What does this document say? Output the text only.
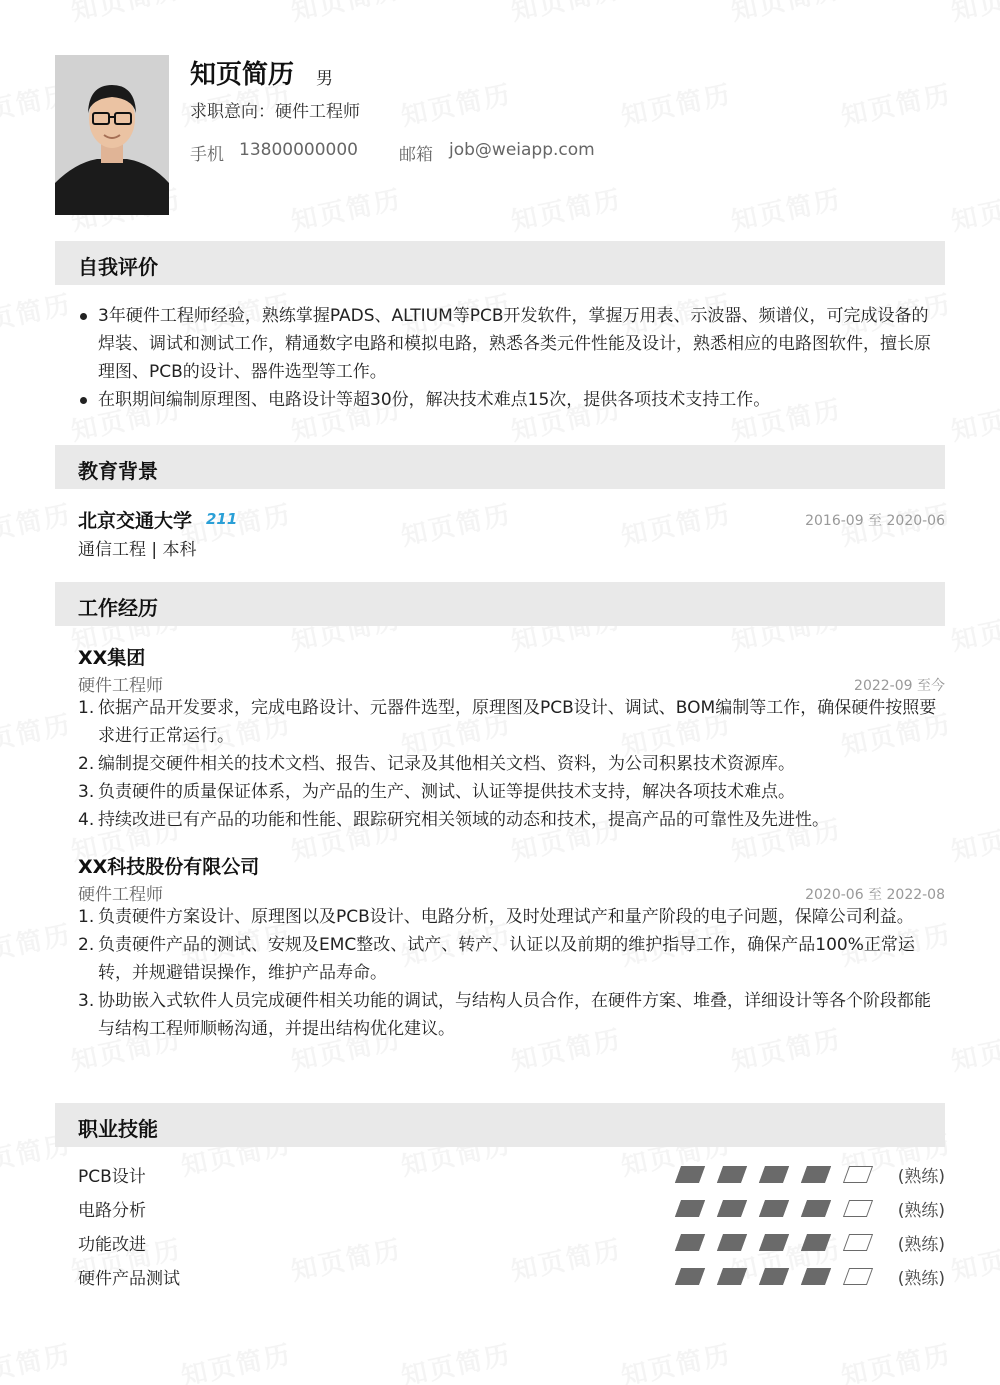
知页简历 男
求职意向：硬件工程师
手机 13800000000 邮箱 job@weiapp.com
自我评价
3年硬件工程师经验，熟练掌握PADS、ALTIUM等PCB开发软件，掌握万用表、示波器、频谱仪，可完成设备的焊装、调试和测试工作，精通数字电路和模拟电路，熟悉各类元件性能及设计，熟悉相应的电路图软件，擅长原理图、PCB的设计、器件选型等工作。
在职期间编制原理图、电路设计等超30份，解决技术难点15次，提供各项技术支持工作。
教育背景
北京交通大学 211	2016-09 至 2020-06
通信工程 | 本科
工作经历
XX集团
硬件工程师	2022-09 至今
1. 依据产品开发要求，完成电路设计、元器件选型，原理图及PCB设计、调试、BOM编制等工作，确保硬件按照要求进行正常运行。
2. 编制提交硬件相关的技术文档、报告、记录及其他相关文档、资料，为公司积累技术资源库。
3. 负责硬件的质量保证体系，为产品的生产、测试、认证等提供技术支持，解决各项技术难点。
4. 持续改进已有产品的功能和性能、跟踪研究相关领域的动态和技术，提高产品的可靠性及先进性。
XX科技股份有限公司
硬件工程师	2020-06 至 2022-08
1. 负责硬件方案设计、原理图以及PCB设计、电路分析，及时处理试产和量产阶段的电子问题，保障公司利益。
2. 负责硬件产品的测试、安规及EMC整改、试产、转产、认证以及前期的维护指导工作，确保产品100%正常运转，并规避错误操作，维护产品寿命。
3. 协助嵌入式软件人员完成硬件相关功能的调试，与结构人员合作，在硬件方案、堆叠，详细设计等各个阶段都能与结构工程师顺畅沟通，并提出结构优化建议。
职业技能
PCB设计	(熟练)
电路分析	(熟练)
功能改进	(熟练)
硬件产品测试	(熟练)
